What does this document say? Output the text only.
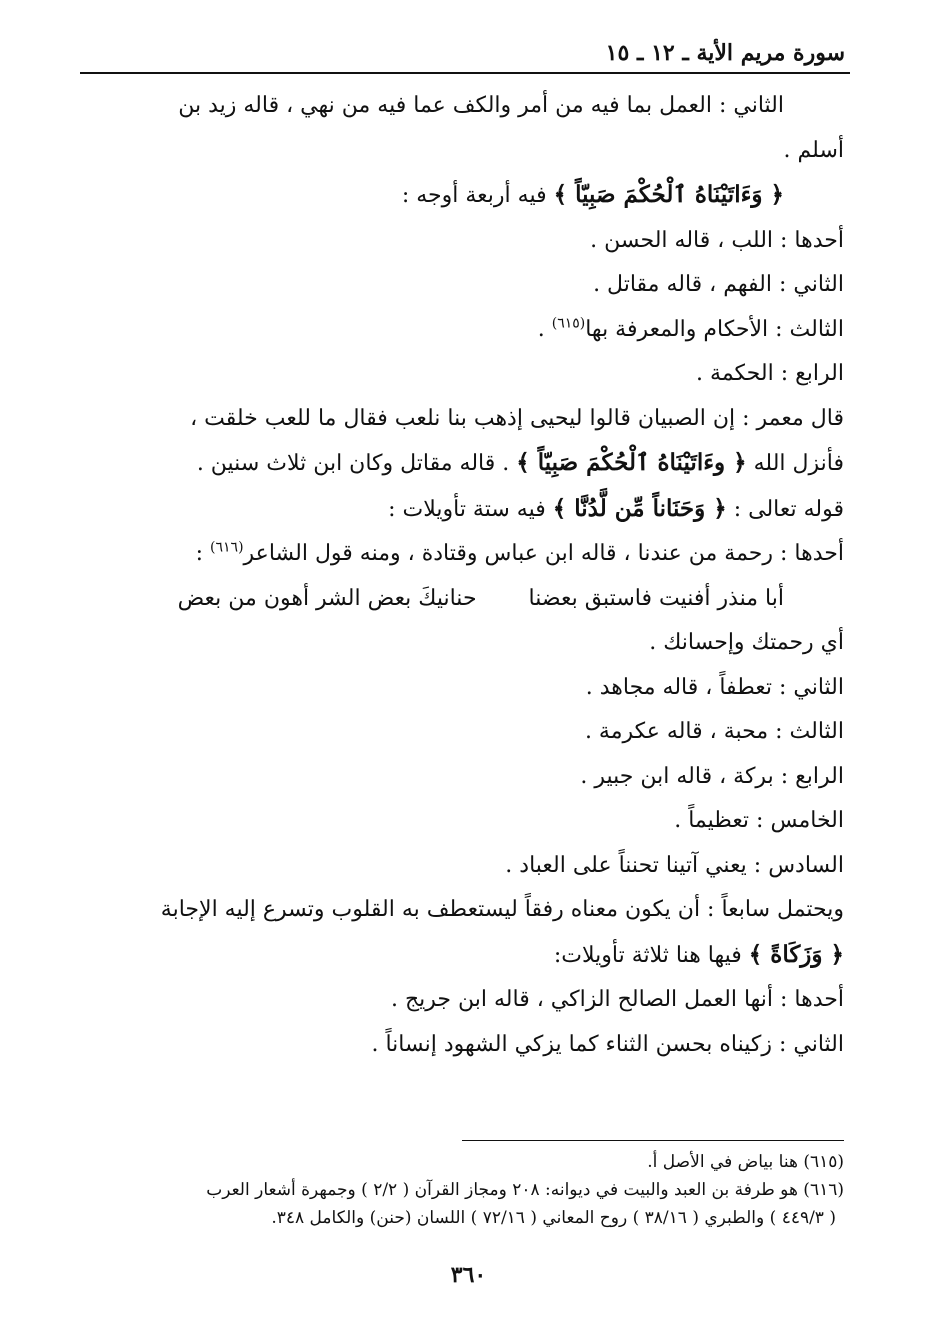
سورة مريم الأية ـ ١٢ ـ ١٥

الثاني : العمل بما فيه من أمر والكف عما فيه من نهي ، قاله زيد بن

أسلم .

﴿ وَءَاتَيْنَاهُ ٱلْحُكْمَ صَبِيّاً ﴾ فيه أربعة أوجه :

أحدها : اللب ، قاله الحسن .

الثاني : الفهم ، قاله مقاتل .

الثالث : الأحكام والمعرفة بها$^{(٦١٥)}$ .

الرابع : الحكمة .

قال معمر : إن الصبيان قالوا ليحيى إذهب بنا نلعب فقال ما للعب خلقت ،

فأنزل الله ﴿ وءَاتَيْنَاهُ ٱلْحُكْمَ صَبِيّاً ﴾ . قاله مقاتل وكان ابن ثلاث سنين .

قوله تعالى : ﴿ وَحَنَاناً مِّن لَّدُنَّا ﴾ فيه ستة تأويلات :

أحدها : رحمة من عندنا ، قاله ابن عباس وقتادة ، ومنه قول الشاعر$^{(٦١٦)}$ :

أبا منذر أفنيت فاستبق بعضنا
حنانيكَ بعض الشر أهون من بعض

أي رحمتك وإحسانك .

الثاني : تعطفاً ، قاله مجاهد .

الثالث : محبة ، قاله عكرمة .

الرابع : بركة ، قاله ابن جبير .

الخامس : تعظيماً .

السادس : يعني آتينا تحنناً على العباد .

ويحتمل سابعاً : أن يكون معناه رفقاً ليستعطف به القلوب وتسرع إليه الإجابة

﴿ وَزَكَاةً ﴾ فيها هنا ثلاثة تأويلات:

أحدها : أنها العمل الصالح الزاكي ، قاله ابن جريج .

الثاني : زكيناه بحسن الثناء كما يزكي الشهود إنساناً .

(٦١٥) هنا بياض في الأصل أ.

(٦١٦) هو طرفة بن العبد والبيت في ديوانه: ٢٠٨ ومجاز القرآن ( ٢/٢ ) وجمهرة أشعار العرب

( ٤٤٩/٣ ) والطبري ( ٣٨/١٦ ) روح المعاني ( ٧٢/١٦ ) اللسان (حنن) والكامل ٣٤٨.

٣٦٠
